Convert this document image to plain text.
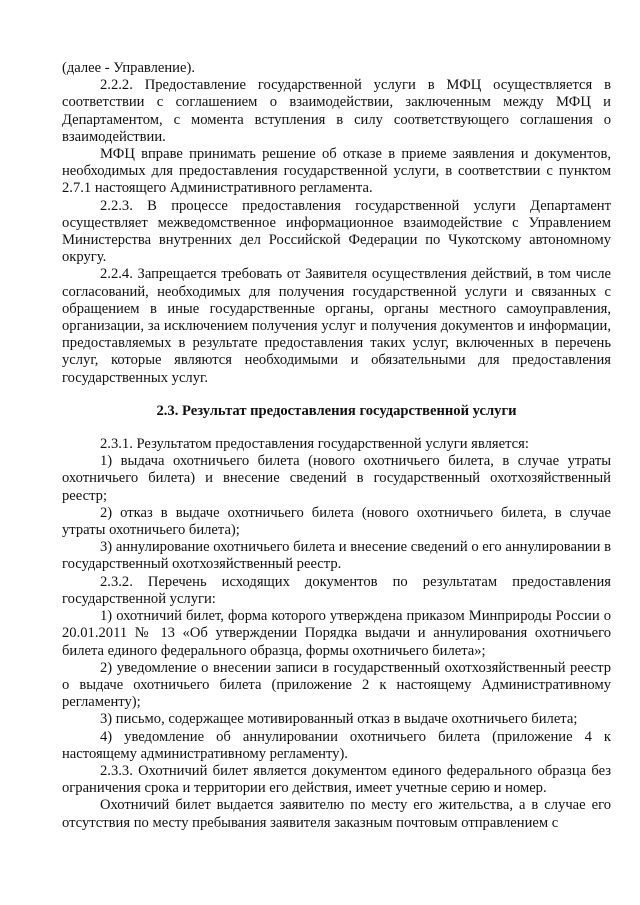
(далее - Управление).

2.2.2. Предоставление государственной услуги в МФЦ осуществляется в соответствии с соглашением о взаимодействии, заключенным между МФЦ и Департаментом, с момента вступления в силу соответствующего соглашения о взаимодействии.

МФЦ вправе принимать решение об отказе в приеме заявления и документов, необходимых для предоставления государственной услуги, в соответствии с пунктом 2.7.1 настоящего Административного регламента.

2.2.3. В процессе предоставления государственной услуги Департамент осуществляет межведомственное информационное взаимодействие с Управлением Министерства внутренних дел Российской Федерации по Чукотскому автономному округу.

2.2.4. Запрещается требовать от Заявителя осуществления действий, в том числе согласований, необходимых для получения государственной услуги и связанных с обращением в иные государственные органы, органы местного самоуправления, организации, за исключением получения услуг и получения документов и информации, предоставляемых в результате предоставления таких услуг, включенных в перечень услуг, которые являются необходимыми и обязательными для предоставления государственных услуг.

2.3. Результат предоставления государственной услуги

2.3.1. Результатом предоставления государственной услуги является:

1) выдача охотничьего билета (нового охотничьего билета, в случае утраты охотничьего билета) и внесение сведений в государственный охотхозяйственный реестр;

2) отказ в выдаче охотничьего билета (нового охотничьего билета, в случае утраты охотничьего билета);

3) аннулирование охотничьего билета и внесение сведений о его аннулировании в государственный охотхозяйственный реестр.

2.3.2. Перечень исходящих документов по результатам предоставления государственной услуги:

1) охотничий билет, форма которого утверждена приказом Минприроды России о 20.01.2011 № 13 «Об утверждении Порядка выдачи и аннулирования охотничьего билета единого федерального образца, формы охотничьего билета»;

2) уведомление о внесении записи в государственный охотхозяйственный реестр о выдаче охотничьего билета (приложение 2 к настоящему Административному регламенту);

3) письмо, содержащее мотивированный отказ в выдаче охотничьего билета;

4) уведомление об аннулировании охотничьего билета (приложение 4 к настоящему административному регламенту).

2.3.3. Охотничий билет является документом единого федерального образца без ограничения срока и территории его действия, имеет учетные серию и номер.

Охотничий билет выдается заявителю по месту его жительства, а в случае его отсутствия по месту пребывания заявителя заказным почтовым отправлением с
